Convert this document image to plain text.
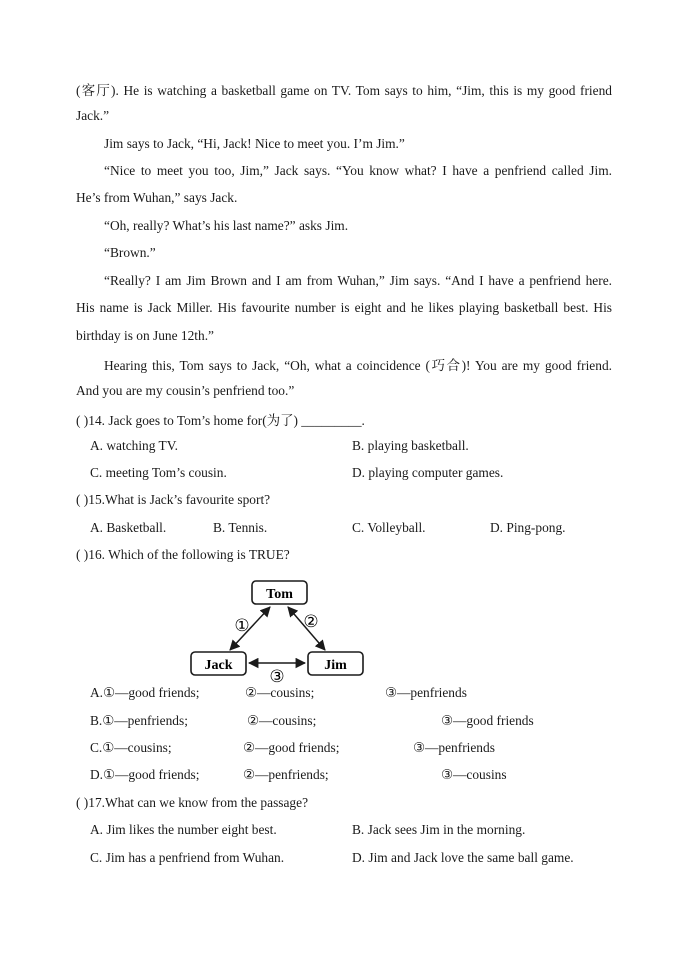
(客厅). He is watching a basketball game on TV. Tom says to him, “Jim, this is my good friend
Jack.”
Jim says to Jack, “Hi, Jack! Nice to meet you. I’m Jim.”
“Nice to meet you too, Jim,” Jack says. “You know what? I have a penfriend called Jim.
He’s from Wuhan,” says Jack.
“Oh, really? What’s his last name?” asks Jim.
“Brown.”
“Really? I am Jim Brown and I am from Wuhan,” Jim says. “And I have a penfriend here.
His name is Jack Miller. His favourite number is eight and he likes playing basketball best. His
birthday is on June 12th.”
Hearing this, Tom says to Jack, “Oh, what a coincidence (巧合)! You are my good friend.
And you are my cousin’s penfriend too.”
( )14. Jack goes to Tom’s home for(为了) _________.
A. watching TV.	B. playing basketball.
C. meeting Tom’s cousin.	D. playing computer games.
( )15.What is Jack’s favourite sport?
A. Basketball.	B. Tennis.	C. Volleyball.	D. Ping-pong.
( )16. Which of the following is TRUE?
Tom
Jack	Jim
①	②
③
A.①—good friends;	②—cousins;	③—penfriends
B.①—penfriends;	②—cousins;	③—good friends
C.①—cousins;	②—good friends;	③—penfriends
D.①—good friends;	②—penfriends;	③—cousins
( )17.What can we know from the passage?
A. Jim likes the number eight best.	B. Jack sees Jim in the morning.
C. Jim has a penfriend from Wuhan.	D. Jim and Jack love the same ball game.
